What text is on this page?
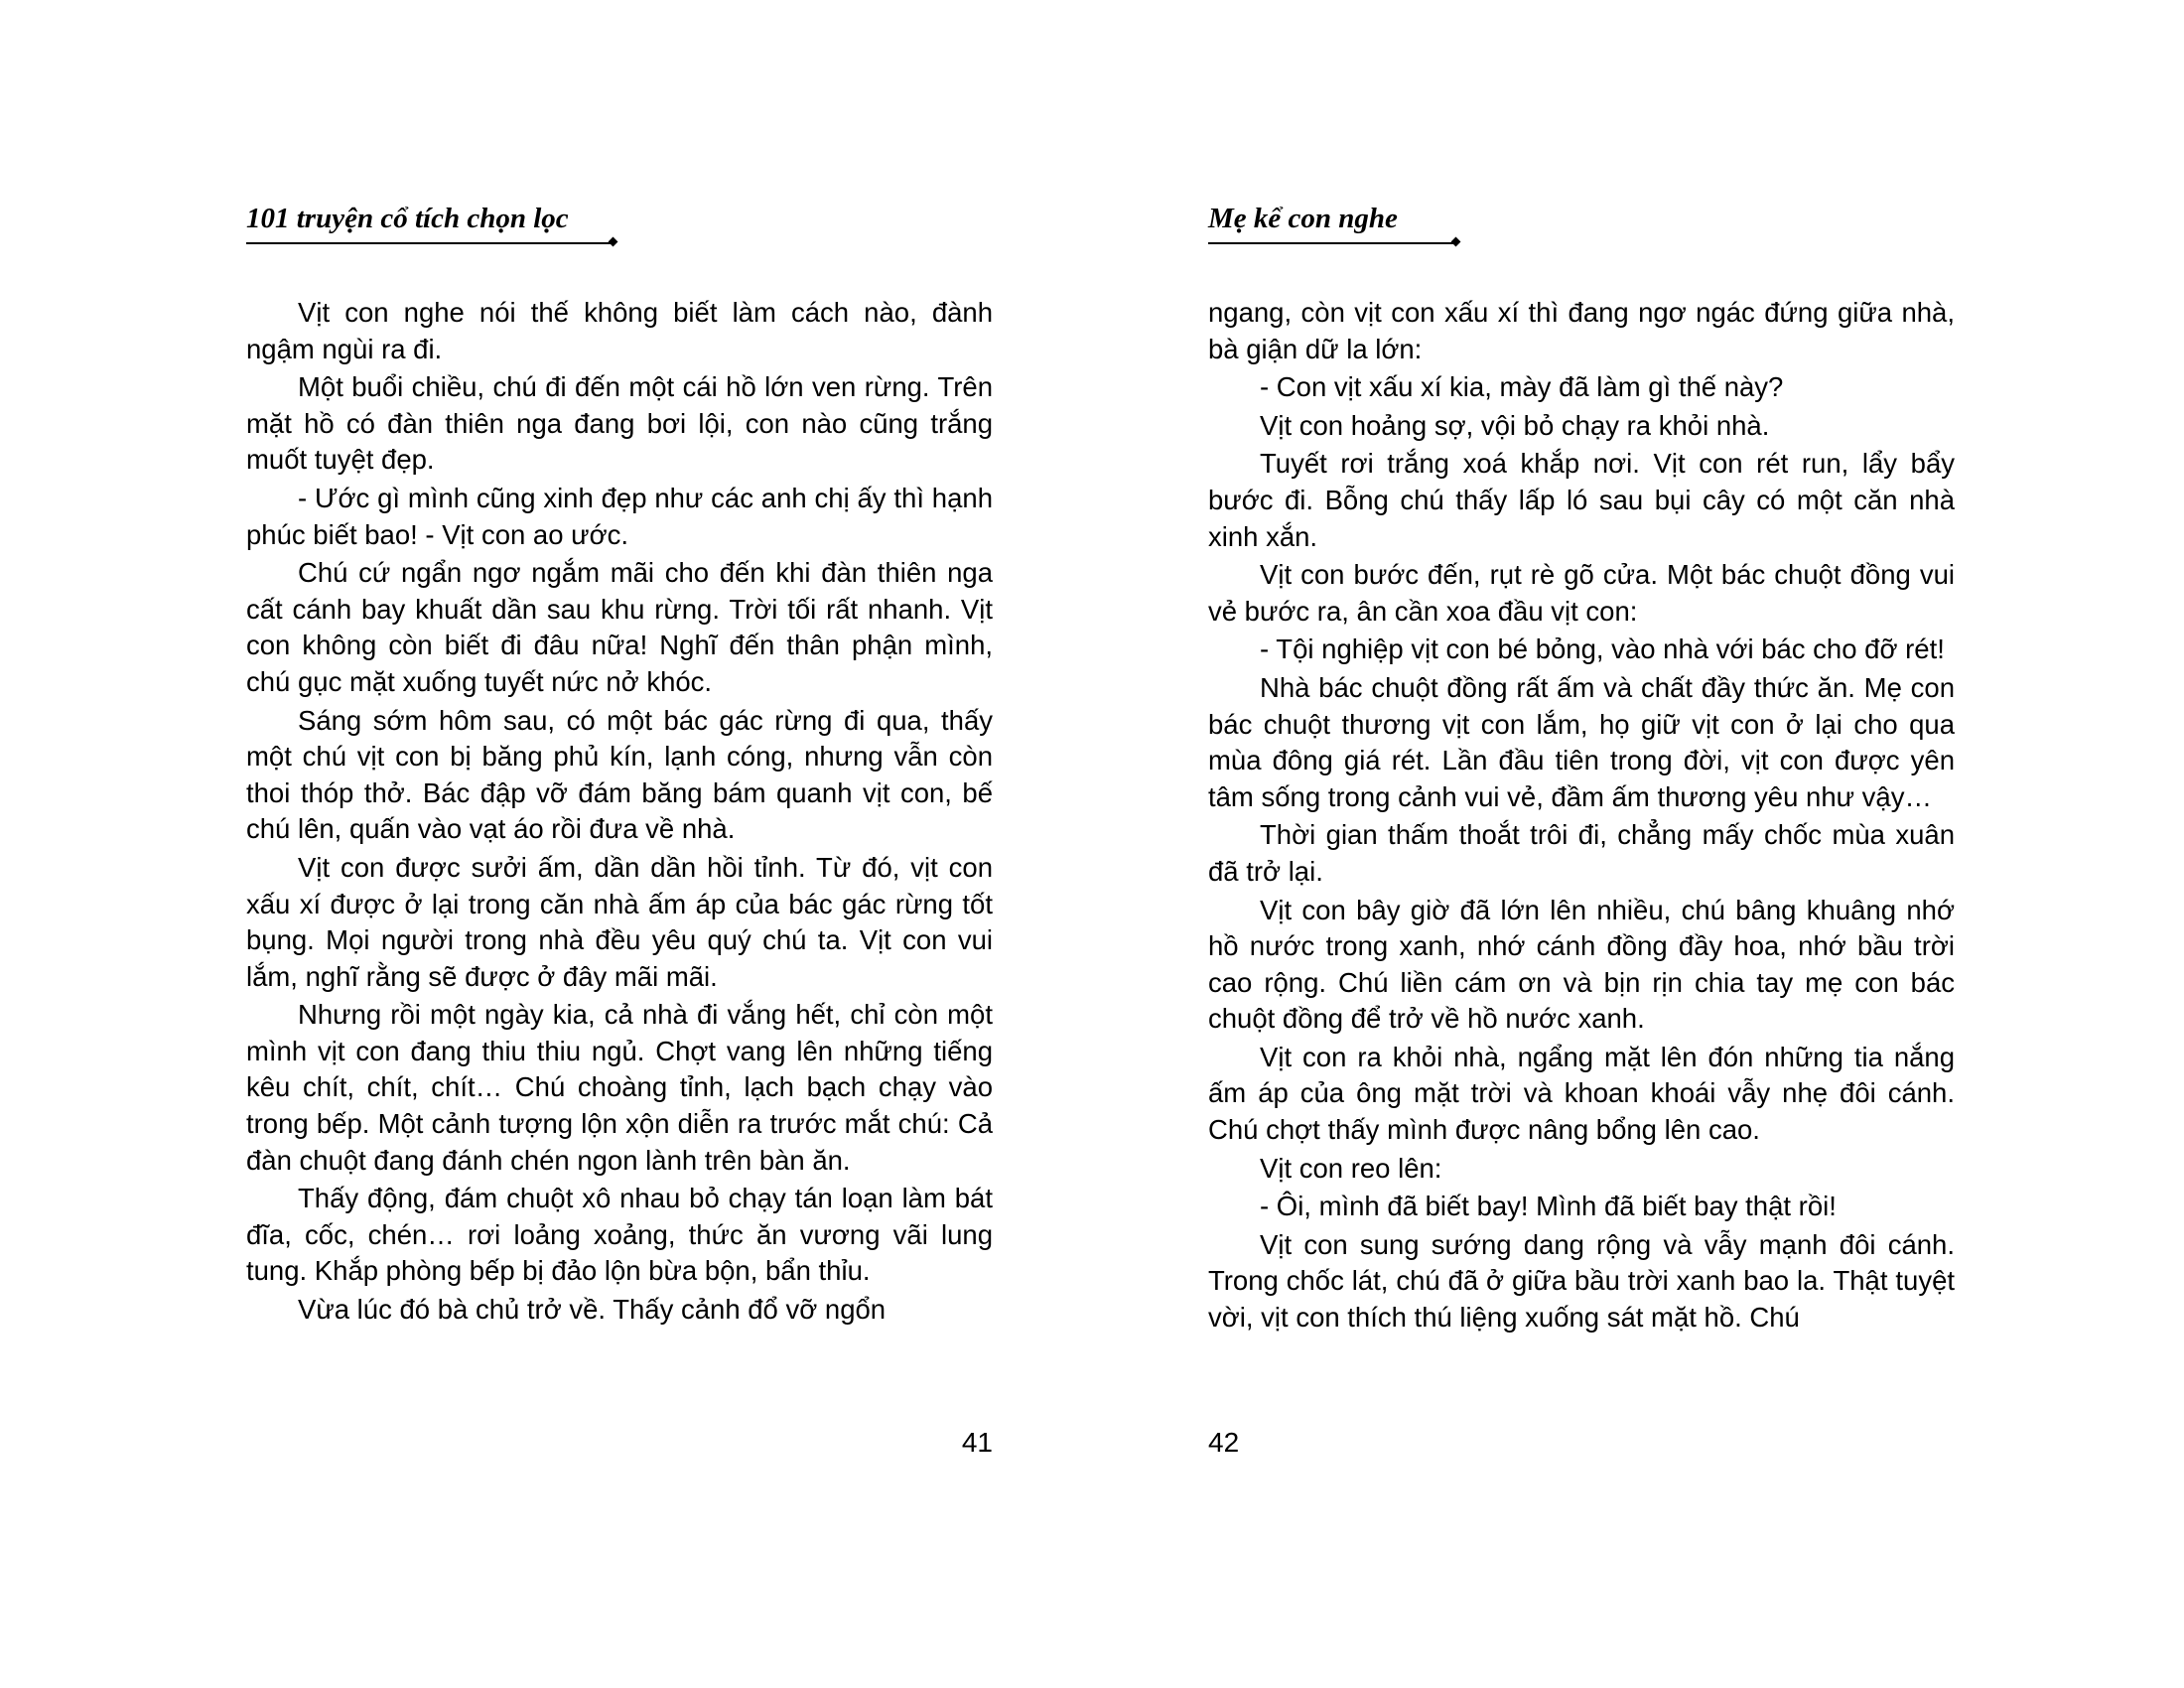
101 truyện cổ tích chọn lọc

Vịt con nghe nói thế không biết làm cách nào, đành ngậm ngùi ra đi.

Một buổi chiều, chú đi đến một cái hồ lớn ven rừng. Trên mặt hồ có đàn thiên nga đang bơi lội, con nào cũng trắng muốt tuyệt đẹp.

- Ước gì mình cũng xinh đẹp như các anh chị ấy thì hạnh phúc biết bao! - Vịt con ao ước.

Chú cứ ngẩn ngơ ngắm mãi cho đến khi đàn thiên nga cất cánh bay khuất dần sau khu rừng. Trời tối rất nhanh. Vịt con không còn biết đi đâu nữa! Nghĩ đến thân phận mình, chú gục mặt xuống tuyết nức nở khóc.

Sáng sớm hôm sau, có một bác gác rừng đi qua, thấy một chú vịt con bị băng phủ kín, lạnh cóng, nhưng vẫn còn thoi thóp thở. Bác đập vỡ đám băng bám quanh vịt con, bế chú lên, quấn vào vạt áo rồi đưa về nhà.

Vịt con được sưởi ấm, dần dần hồi tỉnh. Từ đó, vịt con xấu xí được ở lại trong căn nhà ấm áp của bác gác rừng tốt bụng. Mọi người trong nhà đều yêu quý chú ta. Vịt con vui lắm, nghĩ rằng sẽ được ở đây mãi mãi.

Nhưng rồi một ngày kia, cả nhà đi vắng hết, chỉ còn một mình vịt con đang thiu thiu ngủ. Chợt vang lên những tiếng kêu chít, chít, chít… Chú choàng tỉnh, lạch bạch chạy vào trong bếp. Một cảnh tượng lộn xộn diễn ra trước mắt chú: Cả đàn chuột đang đánh chén ngon lành trên bàn ăn.

Thấy động, đám chuột xô nhau bỏ chạy tán loạn làm bát đĩa, cốc, chén… rơi loảng xoảng, thức ăn vương vãi lung tung. Khắp phòng bếp bị đảo lộn bừa bộn, bẩn thỉu.

Vừa lúc đó bà chủ trở về. Thấy cảnh đổ vỡ ngổn

41
Mẹ kể con nghe

ngang, còn vịt con xấu xí thì đang ngơ ngác đứng giữa nhà, bà giận dữ la lớn:

- Con vịt xấu xí kia, mày đã làm gì thế này?

Vịt con hoảng sợ, vội bỏ chạy ra khỏi nhà.

Tuyết rơi trắng xoá khắp nơi. Vịt con rét run, lẩy bẩy bước đi. Bỗng chú thấy lấp ló sau bụi cây có một căn nhà xinh xắn.

Vịt con bước đến, rụt rè gõ cửa. Một bác chuột đồng vui vẻ bước ra, ân cần xoa đầu vịt con:

- Tội nghiệp vịt con bé bỏng, vào nhà với bác cho đỡ rét!

Nhà bác chuột đồng rất ấm và chất đầy thức ăn. Mẹ con bác chuột thương vịt con lắm, họ giữ vịt con ở lại cho qua mùa đông giá rét. Lần đầu tiên trong đời, vịt con được yên tâm sống trong cảnh vui vẻ, đầm ấm thương yêu như vậy…

Thời gian thấm thoắt trôi đi, chẳng mấy chốc mùa xuân đã trở lại.

Vịt con bây giờ đã lớn lên nhiều, chú bâng khuâng nhớ hồ nước trong xanh, nhớ cánh đồng đầy hoa, nhớ bầu trời cao rộng. Chú liền cám ơn và bịn rịn chia tay mẹ con bác chuột đồng để trở về hồ nước xanh.

Vịt con ra khỏi nhà, ngẩng mặt lên đón những tia nắng ấm áp của ông mặt trời và khoan khoái vẫy nhẹ đôi cánh. Chú chợt thấy mình được nâng bổng lên cao.

Vịt con reo lên:

- Ôi, mình đã biết bay! Mình đã biết bay thật rồi!

Vịt con sung sướng dang rộng và vẫy mạnh đôi cánh. Trong chốc lát, chú đã ở giữa bầu trời xanh bao la. Thật tuyệt vời, vịt con thích thú liệng xuống sát mặt hồ. Chú

42
